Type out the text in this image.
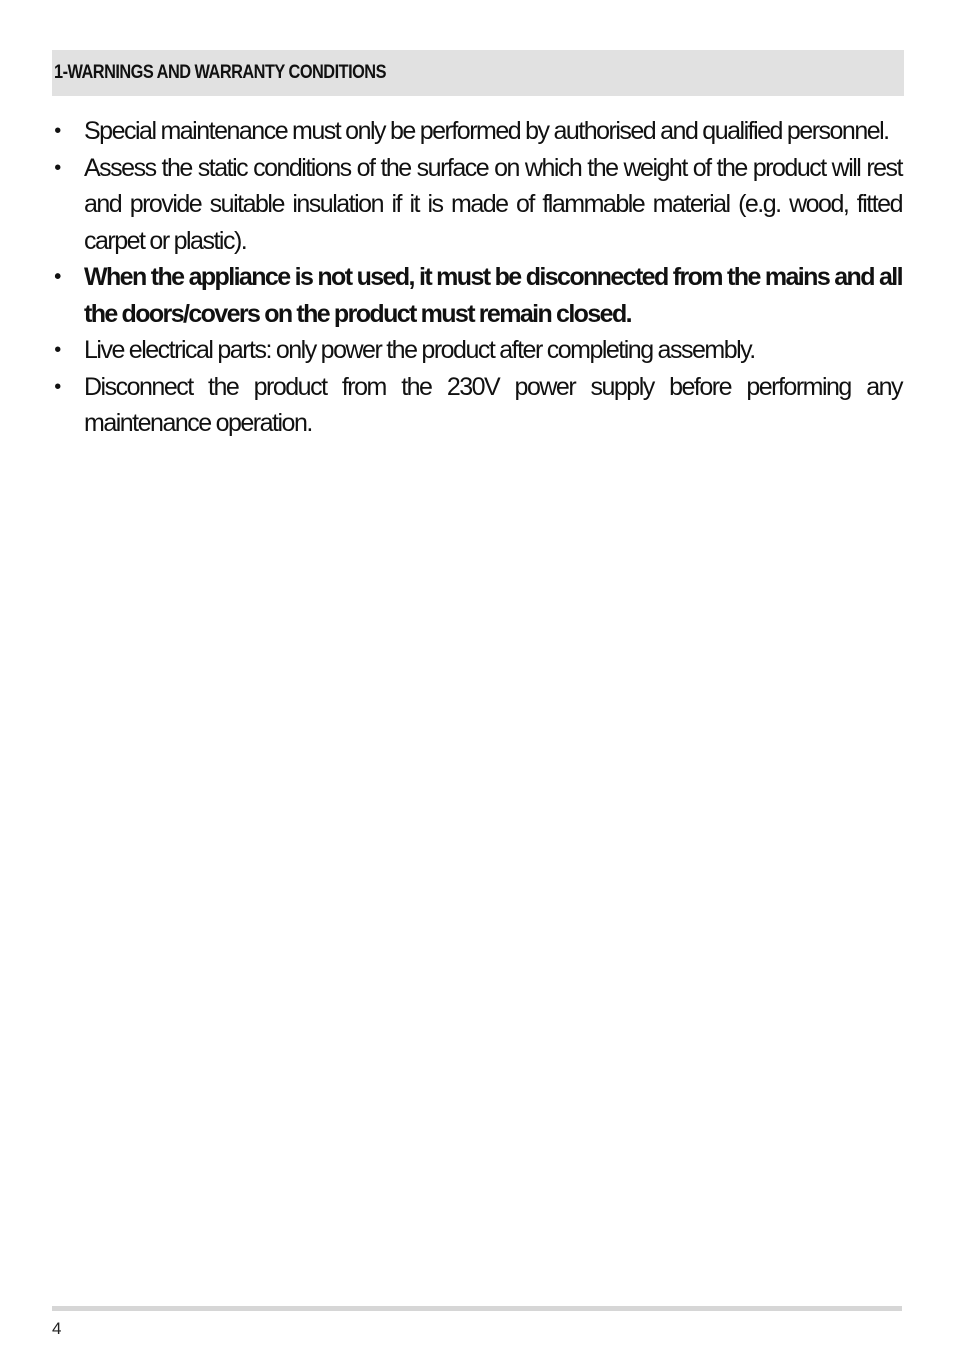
1-WARNINGS AND WARRANTY CONDITIONS
• Special maintenance must only be performed by authorised and qualified personnel.
• Assess the static conditions of the surface on which the weight of the product will rest and provide suitable insulation if it is made of flammable material (e.g. wood, fitted carpet or plastic).
• When the appliance is not used, it must be disconnected from the mains and all the doors/covers on the product must remain closed.
• Live electrical parts: only power the product after completing assembly.
• Disconnect the product from the 230V power supply before performing any maintenance operation.
4
